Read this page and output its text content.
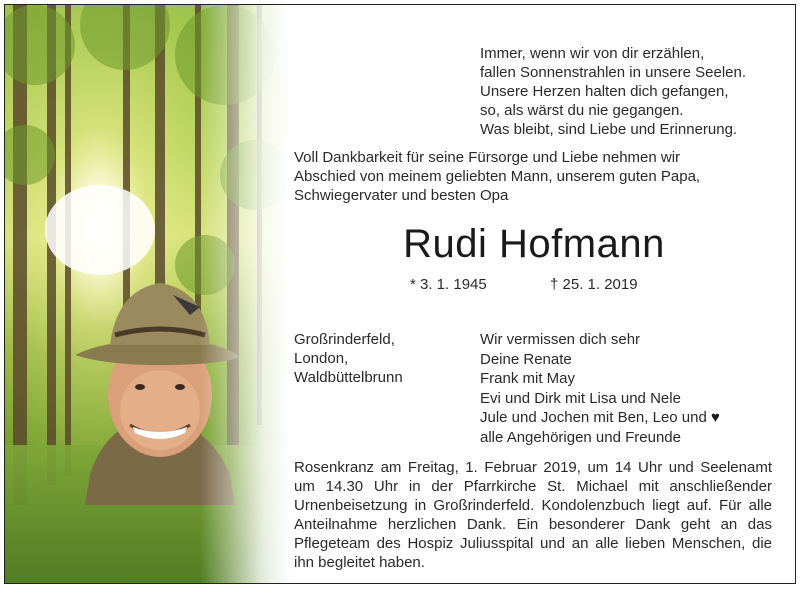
Immer, wenn wir von dir erzählen,
fallen Sonnenstrahlen in unsere Seelen.
Unsere Herzen halten dich gefangen,
so, als wärst du nie gegangen.
Was bleibt, sind Liebe und Erinnerung.
Voll Dankbarkeit für seine Fürsorge und Liebe nehmen wir
Abschied von meinem geliebten Mann, unserem guten Papa,
Schwiegervater und besten Opa
Rudi Hofmann
* 3. 1. 1945	† 25. 1. 2019
Großrinderfeld,
London,
Waldbüttelbrunn
Wir vermissen dich sehr
Deine Renate
Frank mit May
Evi und Dirk mit Lisa und Nele
Jule und Jochen mit Ben, Leo und ♥
alle Angehörigen und Freunde
Rosenkranz am Freitag, 1. Februar 2019, um 14 Uhr und Seelenamt um 14.30 Uhr in der Pfarrkirche St. Michael mit anschließender Urnenbeisetzung in Großrinderfeld. Kondolenzbuch liegt auf. Für alle Anteilnahme herzlichen Dank. Ein besonderer Dank geht an das Pflegeteam des Hospiz Juliusspital und an alle lieben Menschen, die ihn begleitet haben.
